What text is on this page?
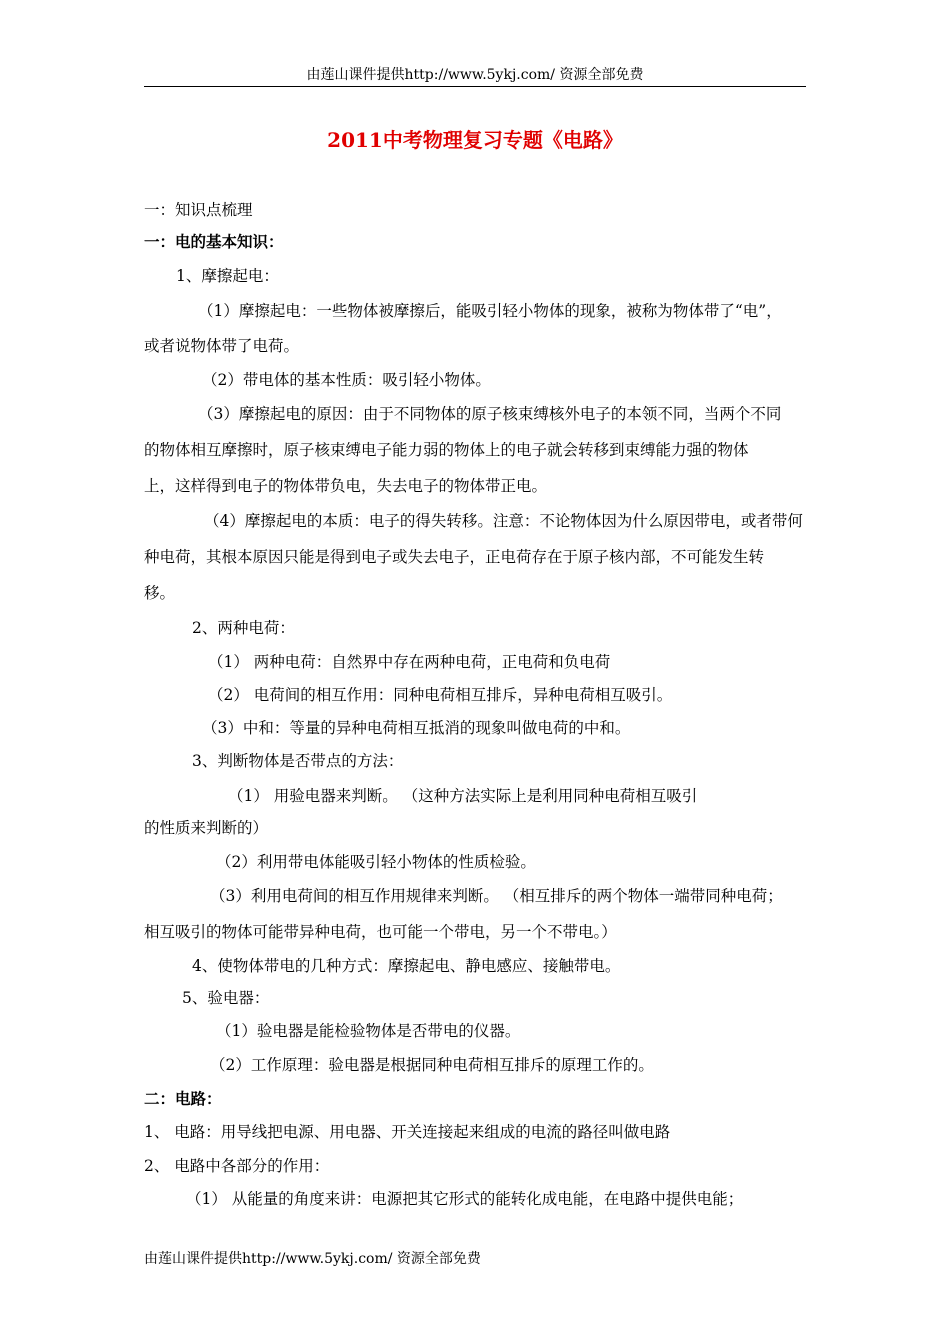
由莲山课件提供http://www.5ykj.com/ 资源全部免费
2011中考物理复习专题《电路》
一：知识点梳理
一：电的基本知识：
1、摩擦起电：
（1）摩擦起电：一些物体被摩擦后，能吸引轻小物体的现象，被称为物体带了“电”，
或者说物体带了电荷。
（2）带电体的基本性质：吸引轻小物体。
（3）摩擦起电的原因：由于不同物体的原子核束缚核外电子的本领不同，当两个不同
的物体相互摩擦时，原子核束缚电子能力弱的物体上的电子就会转移到束缚能力强的物体
上，这样得到电子的物体带负电，失去电子的物体带正电。
（4）摩擦起电的本质：电子的得失转移。注意：不论物体因为什么原因带电，或者带何
种电荷，其根本原因只能是得到电子或失去电子，正电荷存在于原子核内部，不可能发生转
移。
2、两种电荷：
（1） 两种电荷：自然界中存在两种电荷，正电荷和负电荷
（2） 电荷间的相互作用：同种电荷相互排斥，异种电荷相互吸引。
（3）中和：等量的异种电荷相互抵消的现象叫做电荷的中和。
3、判断物体是否带点的方法：
（1） 用验电器来判断。 （这种方法实际上是利用同种电荷相互吸引
的性质来判断的）
（2）利用带电体能吸引轻小物体的性质检验。
（3）利用电荷间的相互作用规律来判断。 （相互排斥的两个物体一端带同种电荷；
相互吸引的物体可能带异种电荷，也可能一个带电，另一个不带电。）
4、使物体带电的几种方式：摩擦起电、静电感应、接触带电。
5、验电器：
（1）验电器是能检验物体是否带电的仪器。
（2）工作原理：验电器是根据同种电荷相互排斥的原理工作的。
二：电路：
1、 电路：用导线把电源、用电器、开关连接起来组成的电流的路径叫做电路
2、 电路中各部分的作用：
（1） 从能量的角度来讲：电源把其它形式的能转化成电能，在电路中提供电能；
由莲山课件提供http://www.5ykj.com/ 资源全部免费
